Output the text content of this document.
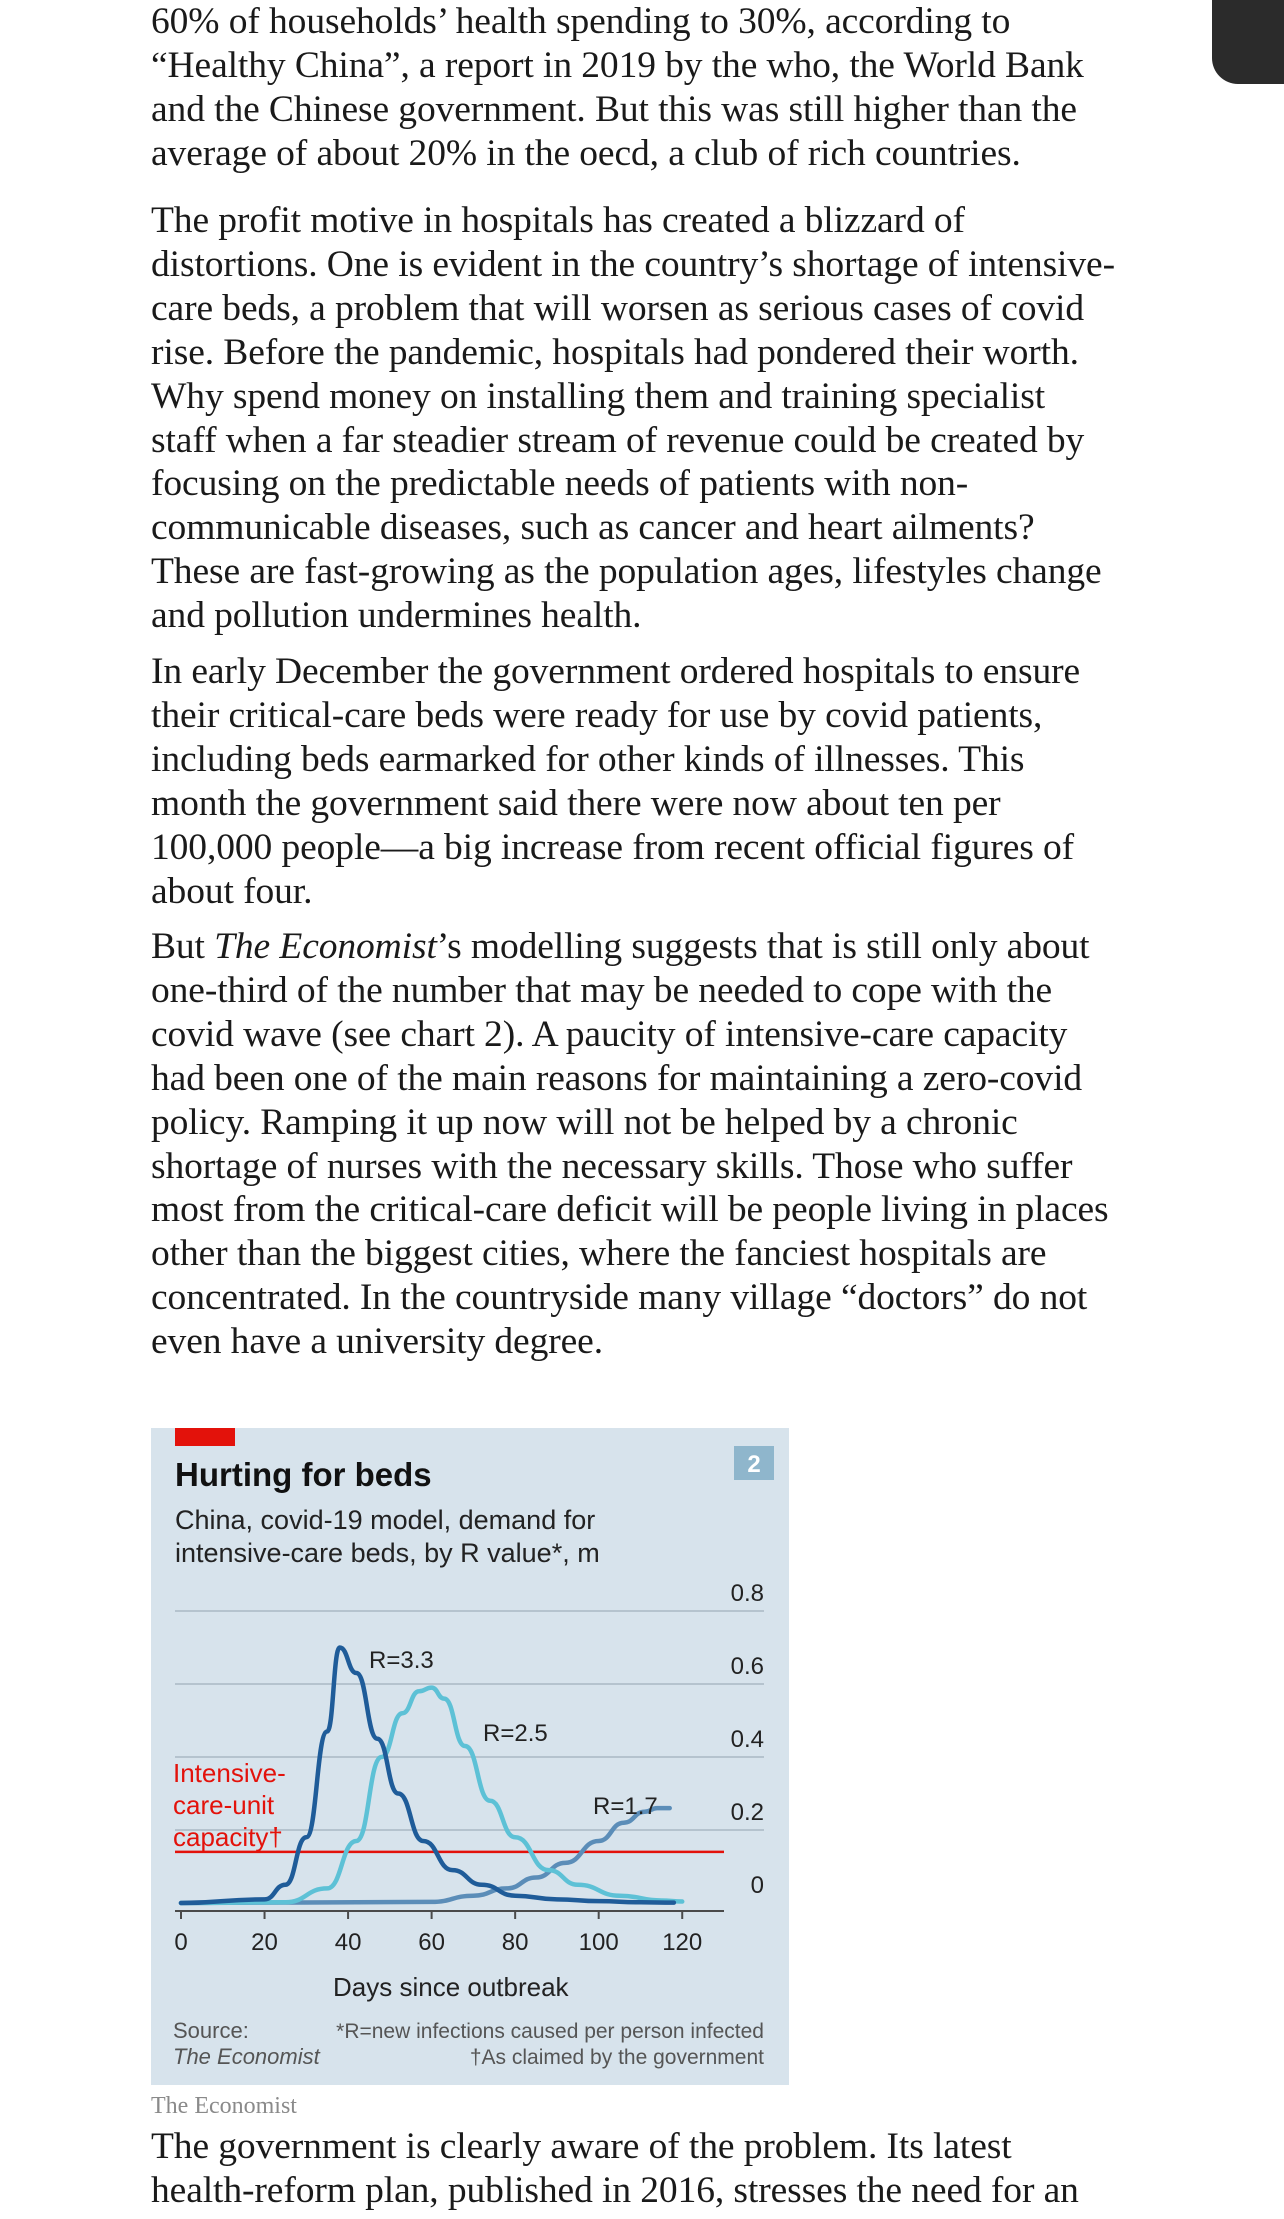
60% of households’ health spending to 30%, according to
“Healthy China”, a report in 2019 by the who, the World Bank
and the Chinese government. But this was still higher than the
average of about 20% in the oecd, a club of rich countries.

The profit motive in hospitals has created a blizzard of
distortions. One is evident in the country’s shortage of intensive-
care beds, a problem that will worsen as serious cases of covid
rise. Before the pandemic, hospitals had pondered their worth.
Why spend money on installing them and training specialist
staff when a far steadier stream of revenue could be created by
focusing on the predictable needs of patients with non-
communicable diseases, such as cancer and heart ailments?
These are fast-growing as the population ages, lifestyles change
and pollution undermines health.

In early December the government ordered hospitals to ensure
their critical-care beds were ready for use by covid patients,
including beds earmarked for other kinds of illnesses. This
month the government said there were now about ten per
100,000 people—a big increase from recent official figures of
about four.

But The Economist’s modelling suggests that is still only about
one-third of the number that may be needed to cope with the
covid wave (see chart 2). A paucity of intensive-care capacity
had been one of the main reasons for maintaining a zero-covid
policy. Ramping it up now will not be helped by a chronic
shortage of nurses with the necessary skills. Those who suffer
most from the critical-care deficit will be people living in places
other than the biggest cities, where the fanciest hospitals are
concentrated. In the countryside many village “doctors” do not
even have a university degree.

The government is clearly aware of the problem. Its latest
health-reform plan, published in 2016, stresses the need for an

2
Hurting for beds
China, covid-19 model, demand for
intensive-care beds, by R value*, m
0
0.2
0.4
0.6
0.8
0	20 40 60 80 100 120
R=3.3
R=2.5
R=1.7
Intensive-
care-unit
capacity†
Days since outbreak
Source:
The Economist
*R=new infections caused per person infected
†As claimed by the government
The Economist
